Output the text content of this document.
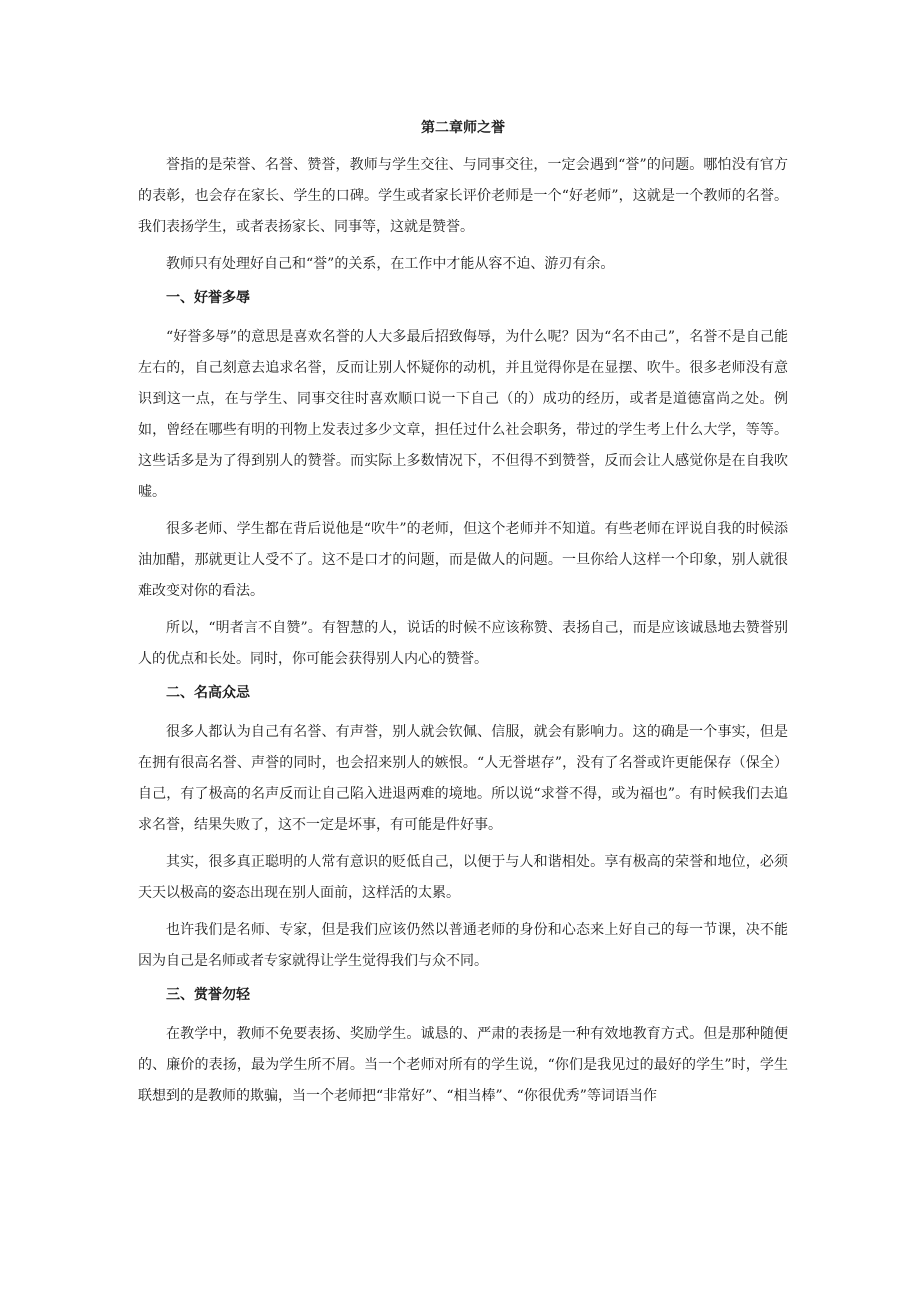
第二章师之誉

誉指的是荣誉、名誉、赞誉，教师与学生交往、与同事交往，一定会遇到“誉”的问题。哪怕没有官方的表彰，也会存在家长、学生的口碑。学生或者家长评价老师是一个“好老师”，这就是一个教师的名誉。我们表扬学生，或者表扬家长、同事等，这就是赞誉。

教师只有处理好自己和“誉”的关系，在工作中才能从容不迫、游刃有余。

一、好誉多辱

“好誉多辱”的意思是喜欢名誉的人大多最后招致侮辱，为什么呢？因为“名不由己”，名誉不是自己能左右的，自己刻意去追求名誉，反而让别人怀疑你的动机，并且觉得你是在显摆、吹牛。很多老师没有意识到这一点，在与学生、同事交往时喜欢顺口说一下自己（的）成功的经历，或者是道德富尚之处。例如，曾经在哪些有明的刊物上发表过多少文章，担任过什么社会职务，带过的学生考上什么大学，等等。这些话多是为了得到别人的赞誉。而实际上多数情况下，不但得不到赞誉，反而会让人感觉你是在自我吹嘘。

很多老师、学生都在背后说他是“吹牛”的老师，但这个老师并不知道。有些老师在评说自我的时候添油加醋，那就更让人受不了。这不是口才的问题，而是做人的问题。一旦你给人这样一个印象，别人就很难改变对你的看法。

所以，“明者言不自赞”。有智慧的人，说话的时候不应该称赞、表扬自己，而是应该诚恳地去赞誉别人的优点和长处。同时，你可能会获得别人内心的赞誉。

二、名高众忌

很多人都认为自己有名誉、有声誉，别人就会钦佩、信服，就会有影响力。这的确是一个事实，但是在拥有很高名誉、声誉的同时，也会招来别人的嫉恨。“人无誉堪存”，没有了名誉或许更能保存（保全）自己，有了极高的名声反而让自己陷入进退两难的境地。所以说“求誉不得，或为福也”。有时候我们去追求名誉，结果失败了，这不一定是坏事，有可能是件好事。

其实，很多真正聪明的人常有意识的贬低自己，以便于与人和谐相处。享有极高的荣誉和地位，必须天天以极高的姿态出现在别人面前，这样活的太累。

也许我们是名师、专家，但是我们应该仍然以普通老师的身份和心态来上好自己的每一节课，决不能因为自己是名师或者专家就得让学生觉得我们与众不同。

三、赏誉勿轻

在教学中，教师不免要表扬、奖励学生。诚恳的、严肃的表扬是一种有效地教育方式。但是那种随便的、廉价的表扬，最为学生所不屑。当一个老师对所有的学生说，“你们是我见过的最好的学生”时，学生联想到的是教师的欺骗，当一个老师把“非常好”、“相当棒”、“你很优秀”等词语当作
